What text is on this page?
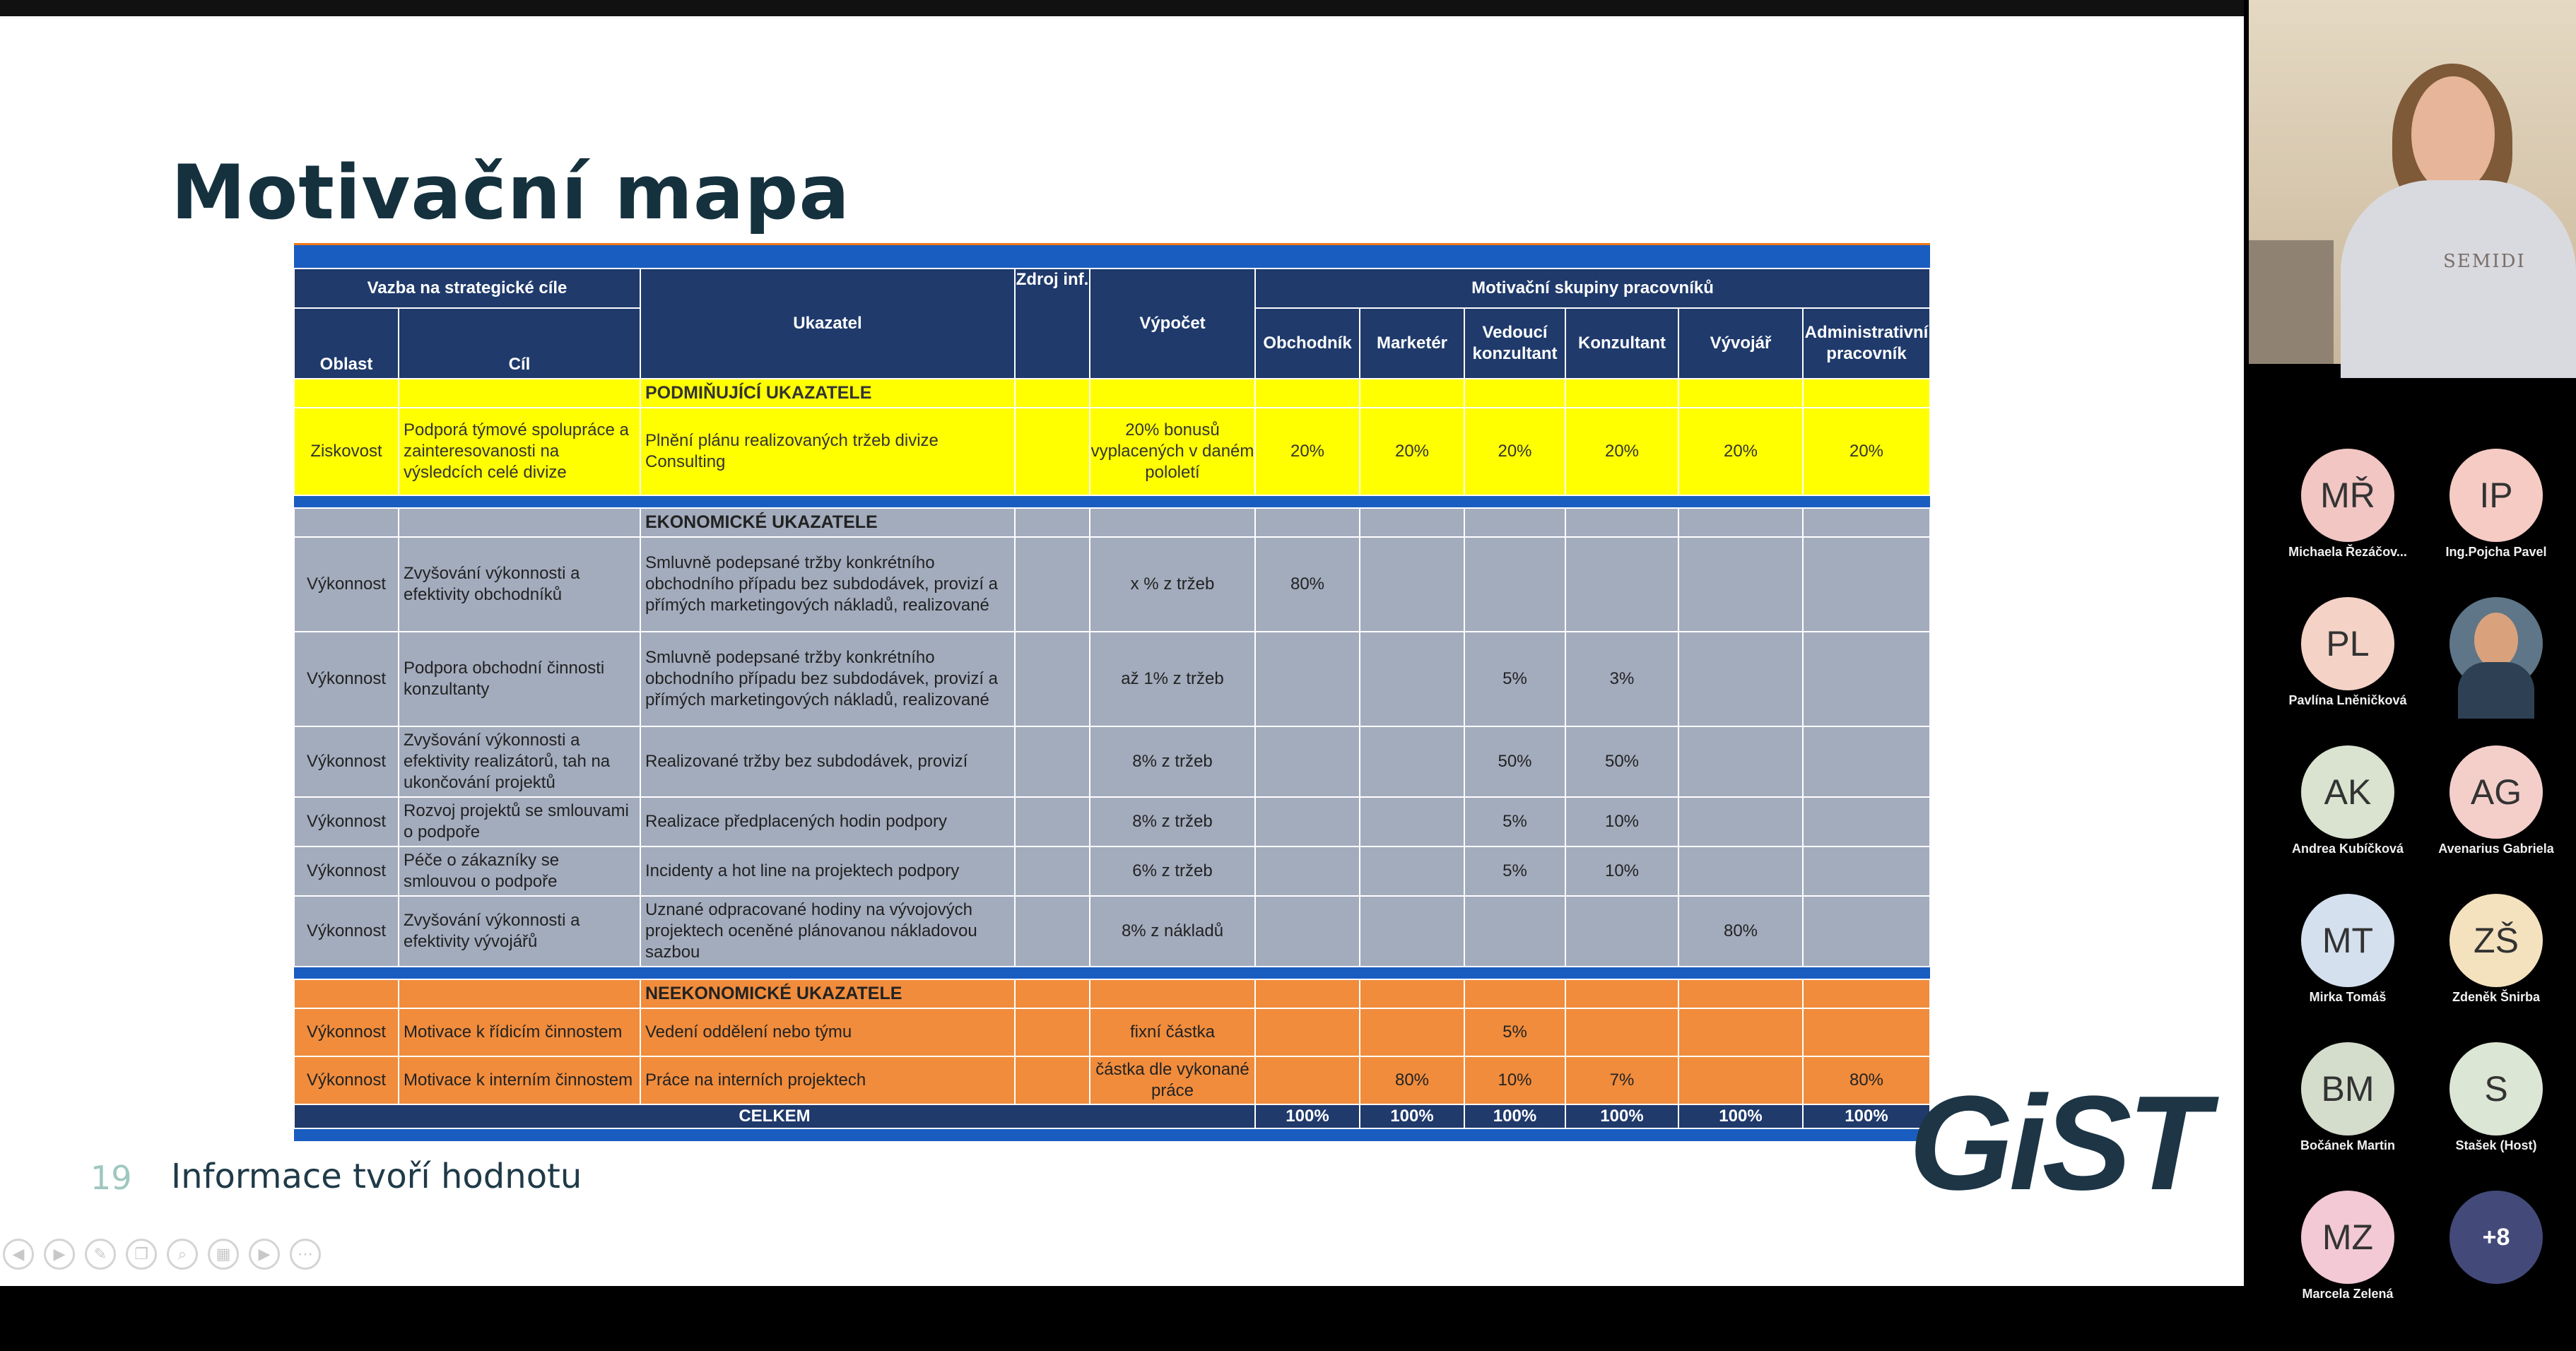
Motivační mapa

Vazba na strategické cíle		Ukazatel	Zdroj inf.	Výpočet	Motivační skupiny pracovníků					
Oblast	Cíl				Obchodník	Marketér	Vedoucí konzultant	Konzultant	Vývojář	Administrativní pracovník
		PODMIŇUJÍCÍ UKAZATELE								
Ziskovost	Podporá týmové spolupráce a zainteresovanosti na výsledcích celé divize	Plnění plánu realizovaných tržeb divize Consulting		20% bonusů vyplacených v daném pololetí	20%	20%	20%	20%	20%	20%

		EKONOMICKÉ UKAZATELE								
Výkonnost	Zvyšování výkonnosti a efektivity obchodníků	Smluvně podepsané tržby konkrétního obchodního případu bez subdodávek, provizí a přímých marketingových nákladů, realizované		x % z tržeb	80%					
Výkonnost	Podpora obchodní činnosti konzultanty	Smluvně podepsané tržby konkrétního obchodního případu bez subdodávek, provizí a přímých marketingových nákladů, realizované		až 1% z tržeb			5%	3%		
Výkonnost	Zvyšování výkonnosti a efektivity realizátorů, tah na ukončování projektů	Realizované tržby bez subdodávek, provizí		8% z tržeb			50%	50%		
Výkonnost	Rozvoj projektů se smlouvami o podpoře	Realizace předplacených hodin podpory		8% z tržeb			5%	10%		
Výkonnost	Péče o zákazníky se smlouvou o podpoře	Incidenty a hot line na projektech podpory		6% z tržeb			5%	10%		
Výkonnost	Zvyšování výkonnosti a efektivity vývojářů	Uznané odpracované hodiny na vývojových projektech oceněné plánovanou nákladovou sazbou		8% z nákladů					80%	

		NEEKONOMICKÉ UKAZATELE								
Výkonnost	Motivace k řídicím činnostem	Vedení oddělení nebo týmu		fixní částka			5%			
Výkonnost	Motivace k interním činnostem	Práce na interních projektech		částka dle vykonané práce		80%	10%	7%		80%
CELKEM					100%	100%	100%	100%	100%	100%

19 Informace tvoří hodnotu	GiST
◀	▶	✎	❐	⌕	▦	▶	⋯
SEMIDI
MŘ
Michaela Řezáčov...
IP
Ing.Pojcha Pavel
PL
Pavlína Lněničková
AK
Andrea Kubíčková
AG
Avenarius Gabriela
MT
Mirka Tomáš
ZŠ
Zdeněk Šnirba
BM
Bočánek Martin
S
Stašek (Host)
MZ
Marcela Zelená
+8
